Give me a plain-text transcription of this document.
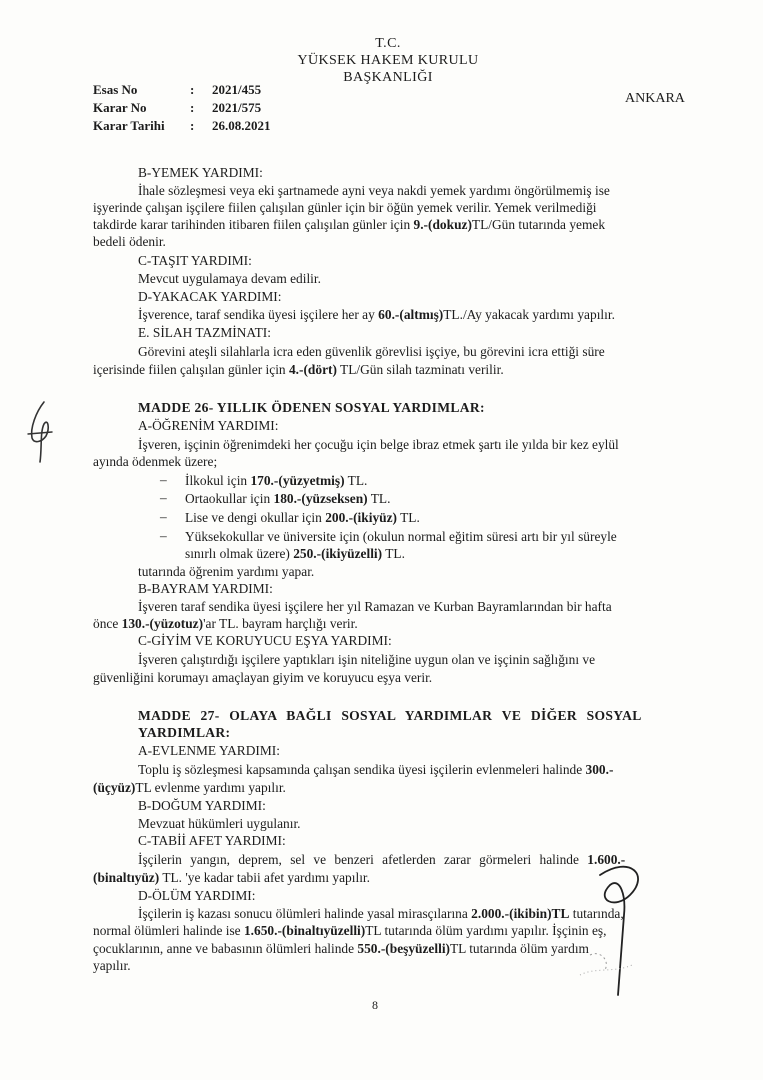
T.C.
YÜKSEK HAKEM KURULU
BAŞKANLIĞI
ANKARA
Esas No	: 2021/455
Karar No	: 2021/575
Karar Tarihi : 26.08.2021
B-YEMEK YARDIMI:
İhale sözleşmesi veya eki şartnamede ayni veya nakdi yemek yardımı öngörülmemiş ise
işyerinde çalışan işçilere fiilen çalışılan günler için bir öğün yemek verilir. Yemek verilmediği
takdirde karar tarihinden itibaren fiilen çalışılan günler için 9.-(dokuz)TL/Gün tutarında yemek
bedeli ödenir.
C-TAŞIT YARDIMI:
Mevcut uygulamaya devam edilir.
D-YAKACAK YARDIMI:
İşverence, taraf sendika üyesi işçilere her ay 60.-(altmış)TL./Ay yakacak yardımı yapılır.
E. SİLAH TAZMİNATI:
Görevini ateşli silahlarla icra eden güvenlik görevlisi işçiye, bu görevini icra ettiği süre
içerisinde fiilen çalışılan günler için 4.-(dört) TL/Gün silah tazminatı verilir.
MADDE 26- YILLIK ÖDENEN SOSYAL YARDIMLAR:
A-ÖĞRENİM YARDIMI:
İşveren, işçinin öğrenimdeki her çocuğu için belge ibraz etmek şartı ile yılda bir kez eylül
ayında ödenmek üzere;
– İlkokul için 170.-(yüzyetmiş) TL.
– Ortaokullar için 180.-(yüzseksen) TL.
– Lise ve dengi okullar için 200.-(ikiyüz) TL.
– Yüksekokullar ve üniversite için (okulun normal eğitim süresi artı bir yıl süreyle
sınırlı olmak üzere) 250.-(ikiyüzelli) TL.
tutarında öğrenim yardımı yapar.
B-BAYRAM YARDIMI:
İşveren taraf sendika üyesi işçilere her yıl Ramazan ve Kurban Bayramlarından bir hafta
önce 130.-(yüzotuz)'ar TL. bayram harçlığı verir.
C-GİYİM VE KORUYUCU EŞYA YARDIMI:
İşveren çalıştırdığı işçilere yaptıkları işin niteliğine uygun olan ve işçinin sağlığını ve
güvenliğini korumayı amaçlayan giyim ve koruyucu eşya verir.
MADDE 27- OLAYA BAĞLI SOSYAL YARDIMLAR VE DİĞER SOSYAL
YARDIMLAR:
A-EVLENME YARDIMI:
Toplu iş sözleşmesi kapsamında çalışan sendika üyesi işçilerin evlenmeleri halinde 300.-
(üçyüz)TL evlenme yardımı yapılır.
B-DOĞUM YARDIMI:
Mevzuat hükümleri uygulanır.
C-TABİİ AFET YARDIMI:
İşçilerin yangın, deprem, sel ve benzeri afetlerden zarar görmeleri halinde 1.600.-
(binaltıyüz) TL. 'ye kadar tabii afet yardımı yapılır.
D-ÖLÜM YARDIMI:
İşçilerin iş kazası sonucu ölümleri halinde yasal mirasçılarına 2.000.-(ikibin)TL tutarında,
normal ölümleri halinde ise 1.650.-(binaltıyüzelli)TL tutarında ölüm yardımı yapılır. İşçinin eş,
çocuklarının, anne ve babasının ölümleri halinde 550.-(beşyüzelli)TL tutarında ölüm yardım
yapılır.
8
